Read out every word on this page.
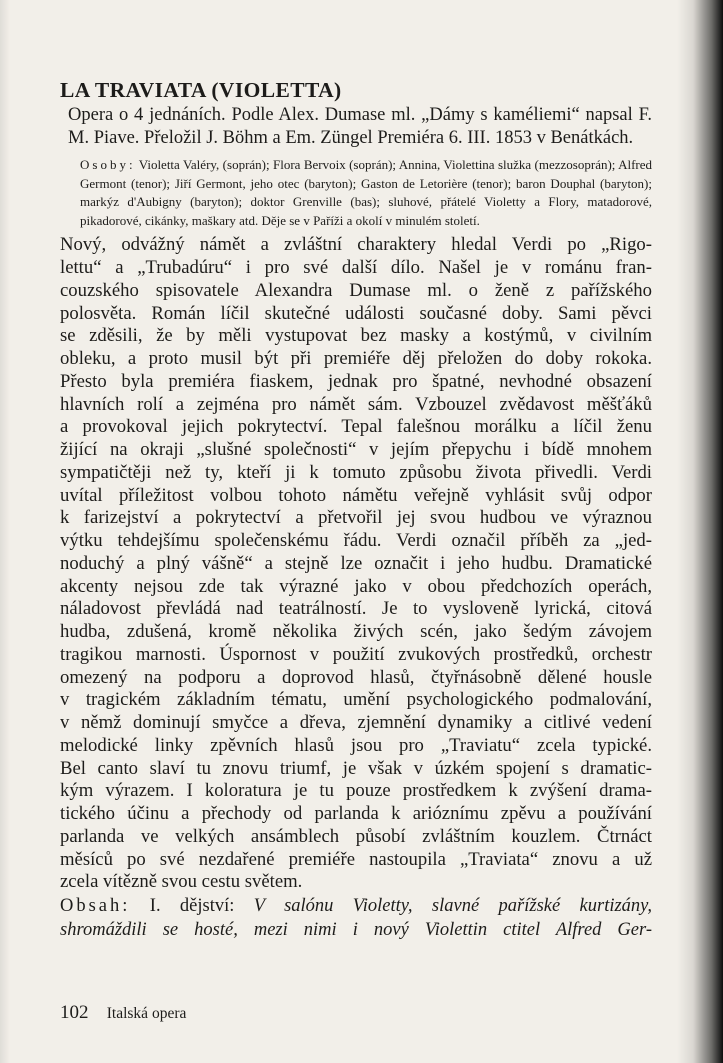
LA TRAVIATA (VIOLETTA)

Opera o 4 jednáních. Podle Alex. Dumase ml. „Dámy s kaméliemi“ napsal F. M. Piave. Přeložil J. Böhm a Em. Züngel Premiéra 6. III. 1853 v Benátkách.

Osoby: Violetta Valéry, (soprán); Flora Bervoix (soprán); Annina, Violettina služka (mezzosoprán); Alfred Germont (tenor); Jiří Germont, jeho otec (baryton); Gaston de Letorière (tenor); baron Douphal (baryton); markýz d'Aubigny (baryton); doktor Grenville (bas); sluhové, přátelé Violetty a Flory, matadorové, pikadorové, cikánky, maškary atd. Děje se v Paříži a okolí v minulém století.

Nový, odvážný námět a zvláštní charaktery hledal Verdi po „Rigo-
lettu“ a „Trubadúru“ i pro své další dílo. Našel je v románu fran-
couzského spisovatele Alexandra Dumase ml. o ženě z pařížského
polosvěta. Román líčil skutečné události současné doby. Sami pěvci
se zděsili, že by měli vystupovat bez masky a kostýmů, v civilním
obleku, a proto musil být při premiéře děj přeložen do doby rokoka.
Přesto byla premiéra fiaskem, jednak pro špatné, nevhodné obsazení
hlavních rolí a zejména pro námět sám. Vzbouzel zvědavost měšťáků
a provokoval jejich pokrytectví. Tepal falešnou morálku a líčil ženu
žijící na okraji „slušné společnosti“ v jejím přepychu i bídě mnohem
sympatičtěji než ty, kteří ji k tomuto způsobu života přivedli. Verdi
uvítal příležitost volbou tohoto námětu veřejně vyhlásit svůj odpor
k farizejství a pokrytectví a přetvořil jej svou hudbou ve výraznou
výtku tehdejšímu společenskému řádu. Verdi označil příběh za „jed-
noduchý a plný vášně“ a stejně lze označit i jeho hudbu. Dramatické
akcenty nejsou zde tak výrazné jako v obou předchozích operách,
náladovost převládá nad teatrálností. Je to vysloveně lyrická, citová
hudba, zdušená, kromě několika živých scén, jako šedým závojem
tragikou marnosti. Úspornost v použití zvukových prostředků, orchestr
omezený na podporu a doprovod hlasů, čtyřnásobně dělené housle
v tragickém základním tématu, umění psychologického podmalování,
v němž dominují smyčce a dřeva, zjemnění dynamiky a citlivé vedení
melodické linky zpěvních hlasů jsou pro „Traviatu“ zcela typické.
Bel canto slaví tu znovu triumf, je však v úzkém spojení s dramatic-
kým výrazem. I koloratura je tu pouze prostředkem k zvýšení drama-
tického účinu a přechody od parlanda k arióznímu zpěvu a používání
parlanda ve velkých ansámblech působí zvláštním kouzlem. Čtrnáct
měsíců po své nezdařené premiéře nastoupila „Traviata“ znovu a už
zcela vítězně svou cestu světem.
Obsah: I. dějství: V salónu Violetty, slavné pařížské kurtizány,
shromáždili se hosté, mezi nimi i nový Violettin ctitel Alfred Ger-
102 Italská opera
